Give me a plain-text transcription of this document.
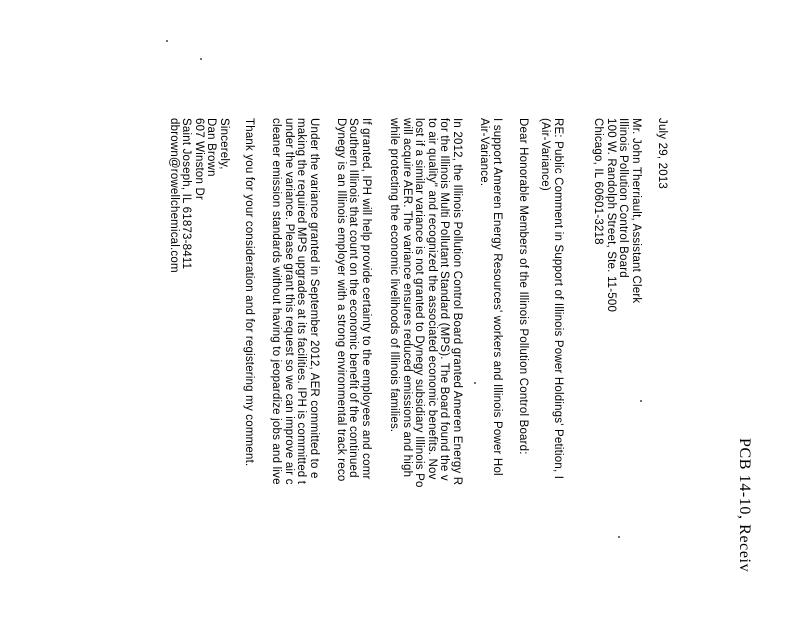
PCB 14-10, Receiv

July 29, 2013

Mr. John Therriault, Assistant Clerk

Illinois Pollution Control Board

100 W. Randolph Street, Ste. 11-500

Chicago, IL 60601-3218

RE: Public Comment in Support of Illinois Power Holdings' Petition, I

(Air-Variance)

Dear Honorable Members of the Illinois Pollution Control Board:

I support Ameren Energy Resources' workers and Illinois Power Hol

Air-Variance.

In 2012, the Illinois Pollution Control Board granted Ameren Energy R

for the Illinois Multi Pollutant Standard (MPS). The Board found the v

to air quality" and recognized the associated economic benefits. Nov

lost if a similar variance is not granted to Dynegy subsidiary Illinois Po

will acquire AER. The variance ensures reduced emissions and high

while protecting the economic livelihoods of Illinois families.

If granted, IPH will help provide certainty to the employees and comr

Southern Illinois that count on the economic benefit of the continued

Dynegy is an Illinois employer with a strong environmental track reco

Under the variance granted in September 2012, AER committed to e

making the required MPS upgrades at its facilities. IPH is committed t

under the variance. Please grant this request so we can improve air c

cleaner emission standards without having to jeopardize jobs and live

Thank you for your consideration and for registering my comment.

Sincerely,

Dan Brown

607 Winston Dr

Saint Joseph, IL 61873-8411

dbrown@rowellchemical.com
